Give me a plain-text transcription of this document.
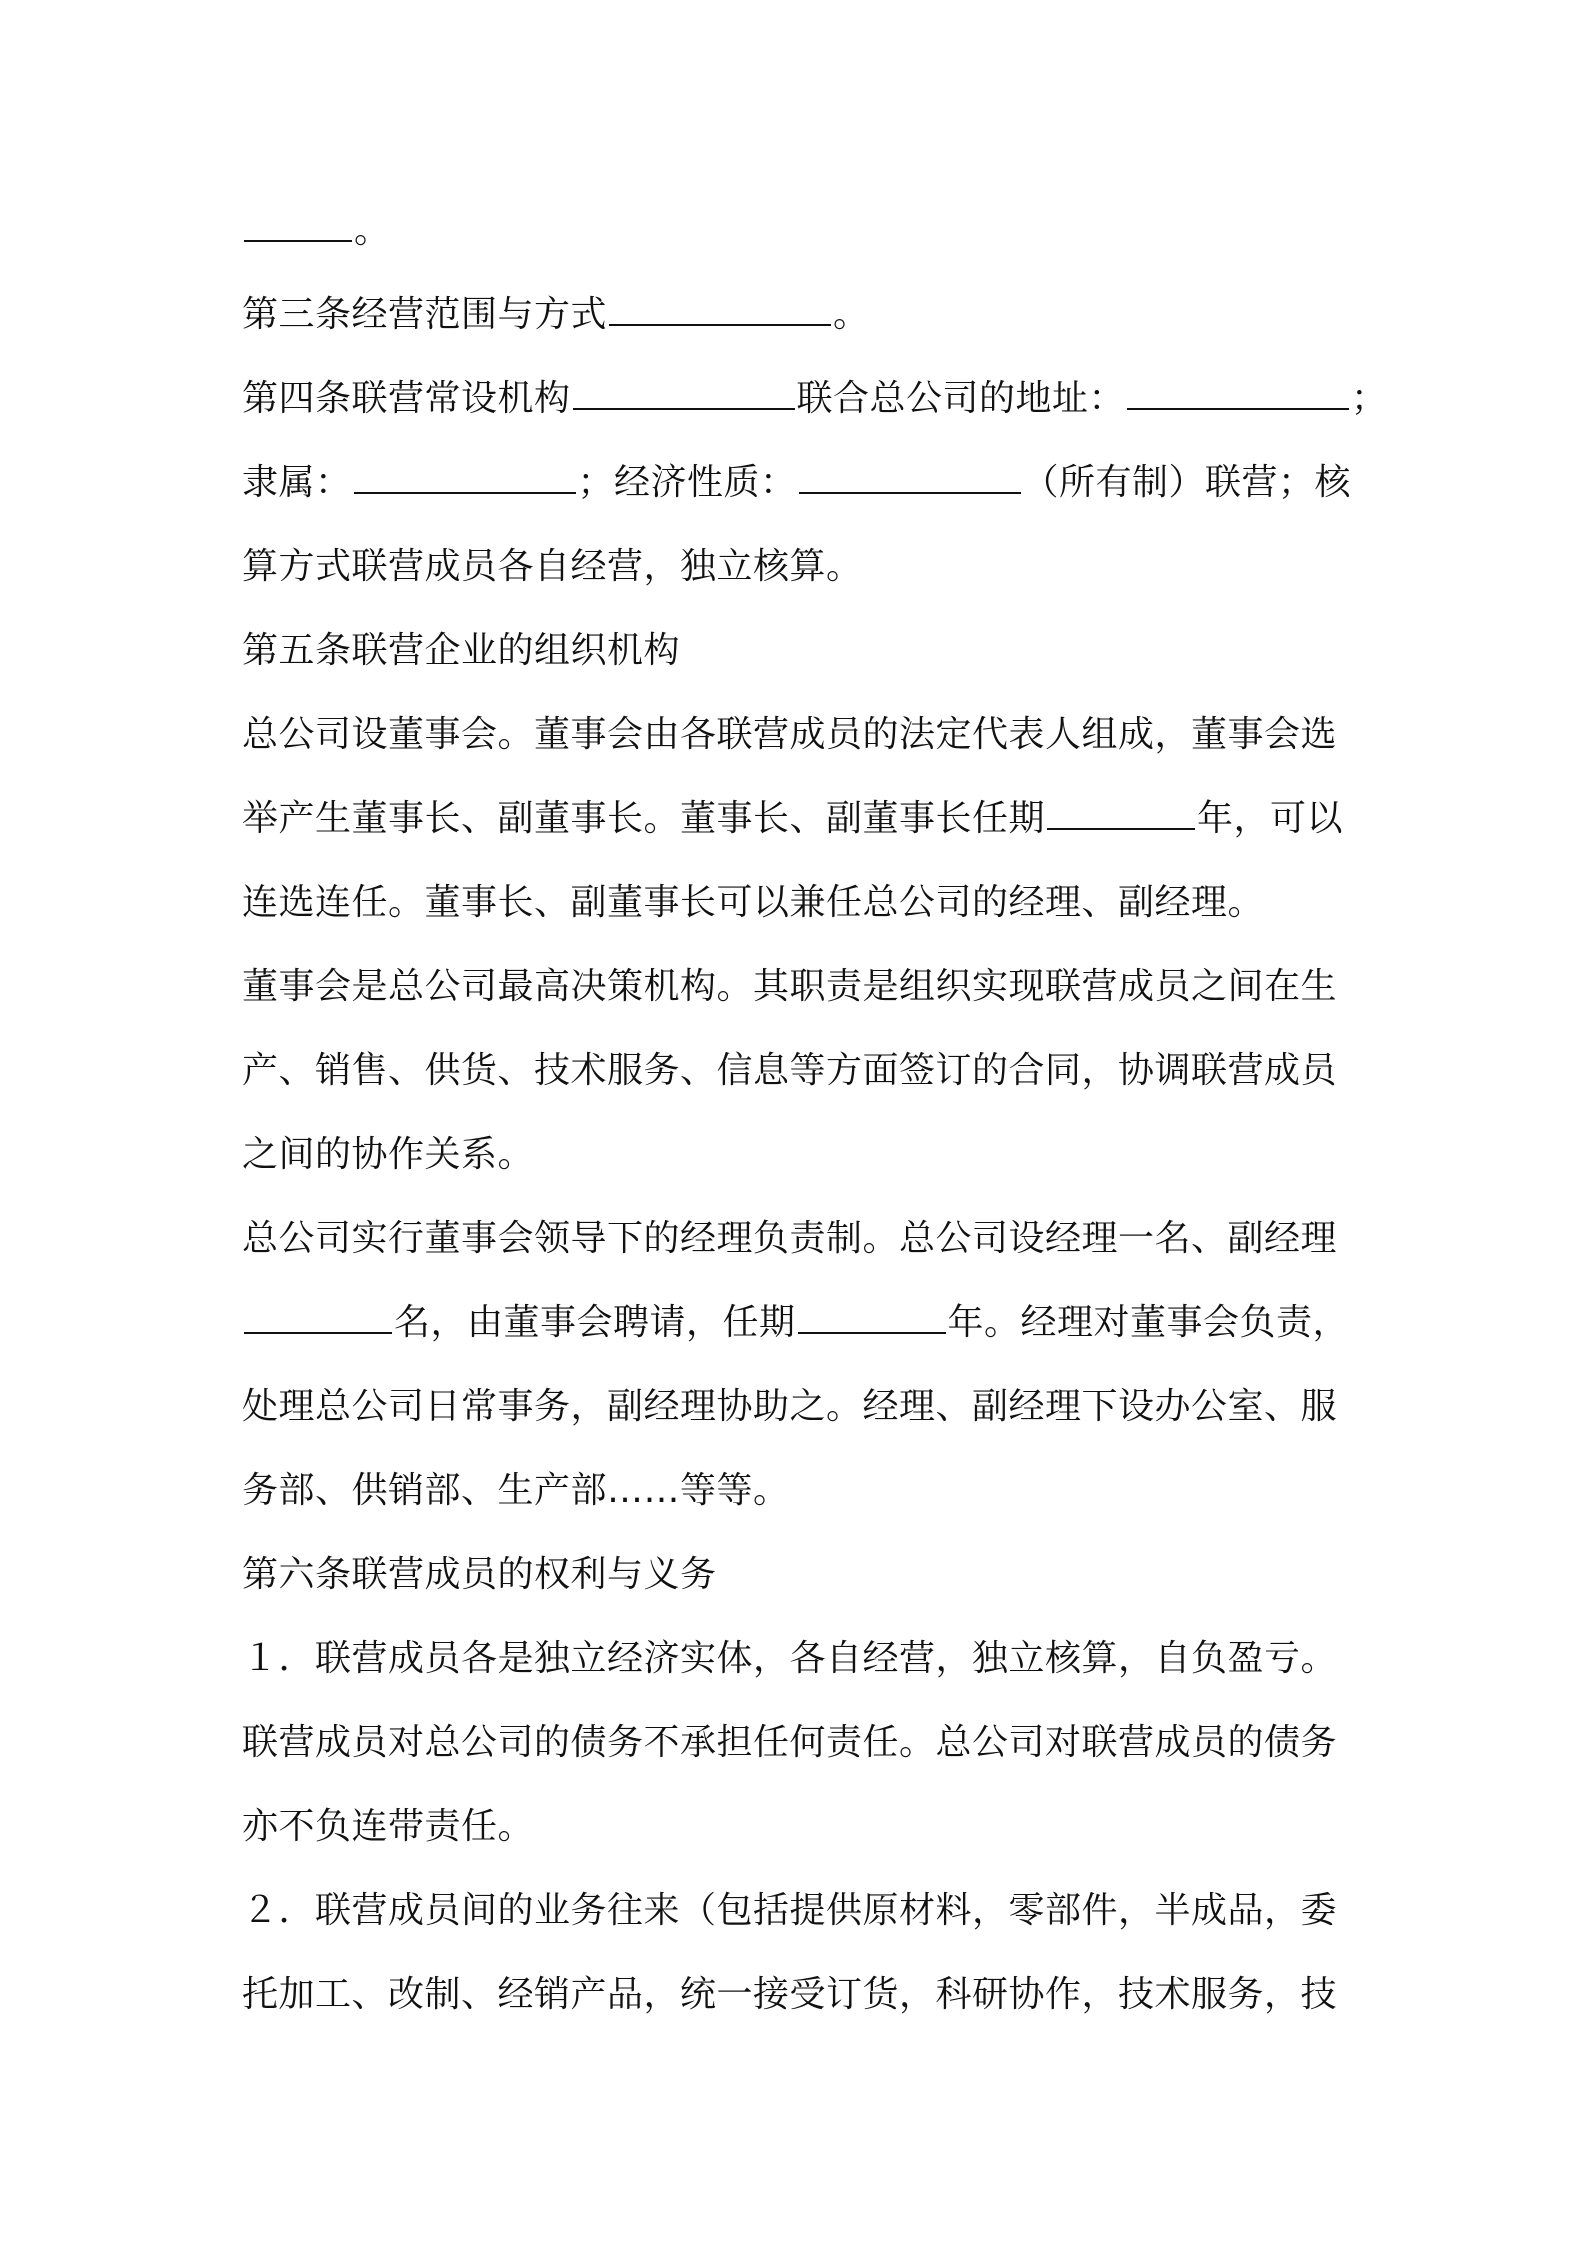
。
第三条经营范围与方式	。
第四条联营常设机构	联合总公司的地址：	；
隶属：	；经济性质：	（所有制）联营；核
算方式联营成员各自经营，独立核算。
第五条联营企业的组织机构
总公司设董事会。董事会由各联营成员的法定代表人组成，董事会选
举产生董事长、副董事长。董事长、副董事长任期	年，可以
连选连任。董事长、副董事长可以兼任总公司的经理、副经理。
董事会是总公司最高决策机构。其职责是组织实现联营成员之间在生
产、销售、供货、技术服务、信息等方面签订的合同，协调联营成员
之间的协作关系。
总公司实行董事会领导下的经理负责制。总公司设经理一名、副经理
名，由董事会聘请，任期	年。经理对董事会负责，
处理总公司日常事务，副经理协助之。经理、副经理下设办公室、服
务部、供销部、生产部……等等。
第六条联营成员的权利与义务
１．联营成员各是独立经济实体，各自经营，独立核算，自负盈亏。
联营成员对总公司的债务不承担任何责任。总公司对联营成员的债务
亦不负连带责任。
２．联营成员间的业务往来（包括提供原材料，零部件，半成品，委
托加工、改制、经销产品，统一接受订货，科研协作，技术服务，技
